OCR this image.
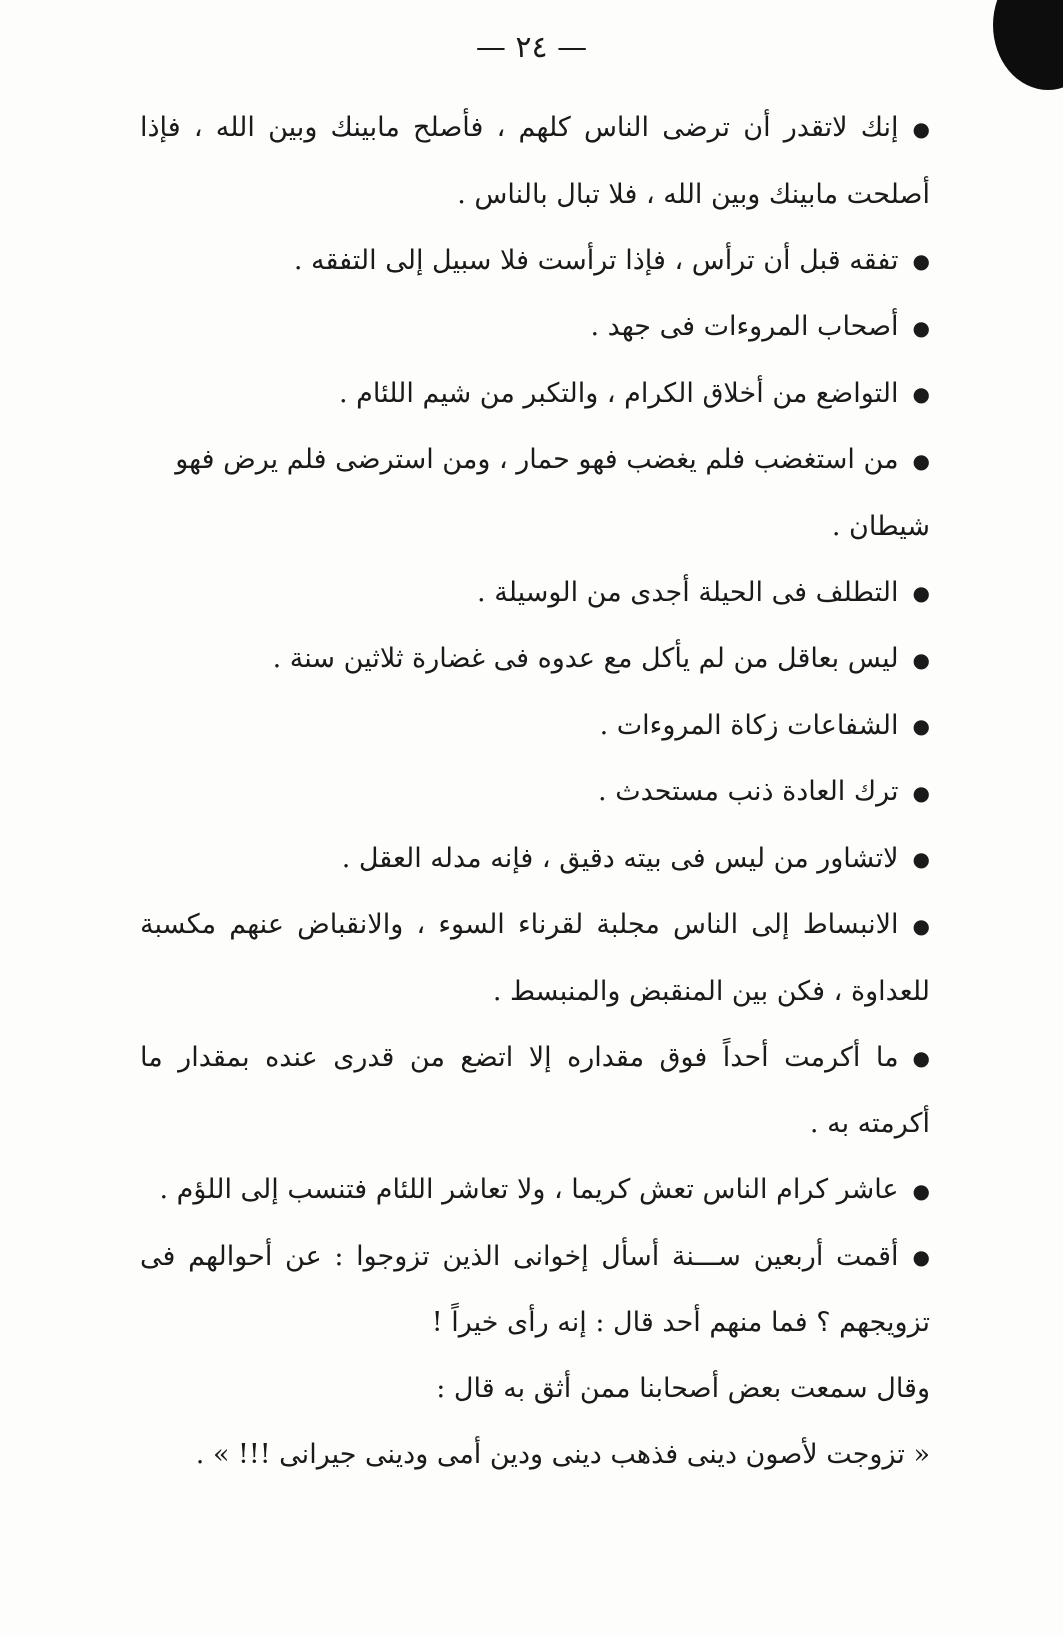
— ٢٤ —

●إنك لاتقدر أن ترضى الناس كلهم ، فأصلح مابينك وبين الله ، فإذا أصلحت مابينك وبين الله ، فلا تبال بالناس .

●تفقه قبل أن ترأس ، فإذا ترأست فلا سبيل إلى التفقه .

●أصحاب المروءات فى جهد .

●التواضع من أخلاق الكرام ، والتكبر من شيم اللئام .

●من استغضب فلم يغضب فهو حمار ، ومن استرضى فلم يرض فهو شيطان .

●التطلف فى الحيلة أجدى من الوسيلة .

●ليس بعاقل من لم يأكل مع عدوه فى غضارة ثلاثين سنة .

●الشفاعات زكاة المروءات .

●ترك العادة ذنب مستحدث .

●لاتشاور من ليس فى بيته دقيق ، فإنه مدله العقل .

●الانبساط إلى الناس مجلبة لقرناء السوء ، والانقباض عنهم مكسبة للعداوة ، فكن بين المنقبض والمنبسط .

●ما أكرمت أحداً فوق مقداره إلا اتضع من قدرى عنده بمقدار ما أكرمته به .

●عاشر كرام الناس تعش كريما ، ولا تعاشر اللئام فتنسب إلى اللؤم .

●أقمت أربعين ســـنة أسأل إخوانى الذين تزوجوا : عن أحوالهم فى تزويجهم ؟ فما منهم أحد قال : إنه رأى خيراً !

وقال سمعت بعض أصحابنا ممن أثق به قال :

« تزوجت لأصون دينى فذهب دينى ودين أمى ودينى جيرانى !!! » .
